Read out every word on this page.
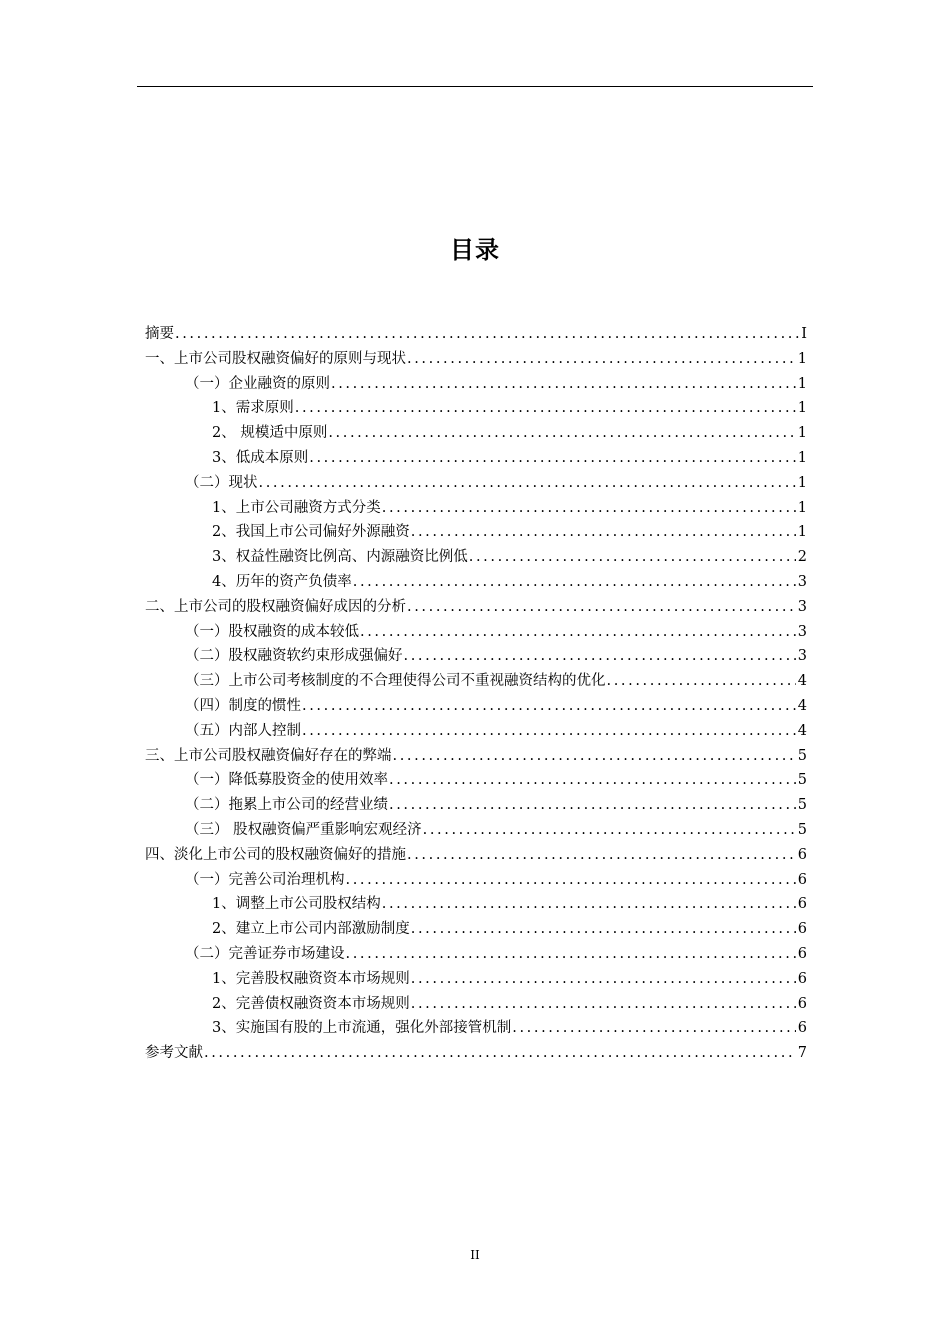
目录
摘要 .....	I
一、上市公司股权融资偏好的原则与现状 .....	1
（一）企业融资的原则 .....	1
1、需求原则 .....	1
2、 规模适中原则 .....	1
3、低成本原则 .....	1
（二）现状 .....	1
1、上市公司融资方式分类 .....	1
2、我国上市公司偏好外源融资 .....	1
3、权益性融资比例高、内源融资比例低 .....	2
4、历年的资产负债率 .....	3
二、上市公司的股权融资偏好成因的分析 .....	3
（一）股权融资的成本较低 .....	3
（二）股权融资软约束形成强偏好 .....	3
（三）上市公司考核制度的不合理使得公司不重视融资结构的优化 .....	4
（四）制度的惯性 .....	4
（五）内部人控制 .....	4
三、上市公司股权融资偏好存在的弊端 .....	5
（一）降低募股资金的使用效率 .....	5
（二）拖累上市公司的经营业绩 .....	5
（三） 股权融资偏严重影响宏观经济 .....	5
四、淡化上市公司的股权融资偏好的措施 .....	6
（一）完善公司治理机构 .....	6
1、调整上市公司股权结构 .....	6
2、建立上市公司内部激励制度 .....	6
（二）完善证券市场建设 .....	6
1、完善股权融资资本市场规则 .....	6
2、完善债权融资资本市场规则 .....	6
3、实施国有股的上市流通，强化外部接管机制 .....	6
参考文献 .....	7
II
